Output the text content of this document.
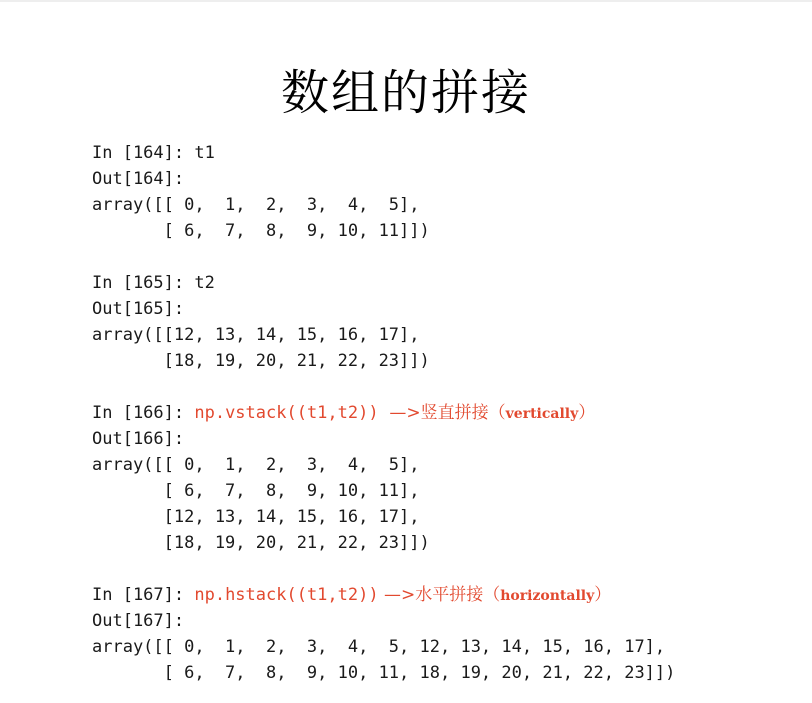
数组的拼接
In [164]: t1
Out[164]:
array([[ 0,  1,  2,  3,  4,  5],
[ 6,  7,  8,  9, 10, 11]])
In [165]: t2
Out[165]:
array([[12, 13, 14, 15, 16, 17],
[18, 19, 20, 21, 22, 23]])
In [166]: np.vstack((t1,t2))  —>竖直拼接（vertically）
Out[166]:
array([[ 0,  1,  2,  3,  4,  5],
[ 6,  7,  8,  9, 10, 11],
[12, 13, 14, 15, 16, 17],
[18, 19, 20, 21, 22, 23]])
In [167]: np.hstack((t1,t2)) —>水平拼接（horizontally）
Out[167]:
array([[ 0,  1,  2,  3,  4,  5, 12, 13, 14, 15, 16, 17],
[ 6,  7,  8,  9, 10, 11, 18, 19, 20, 21, 22, 23]])
